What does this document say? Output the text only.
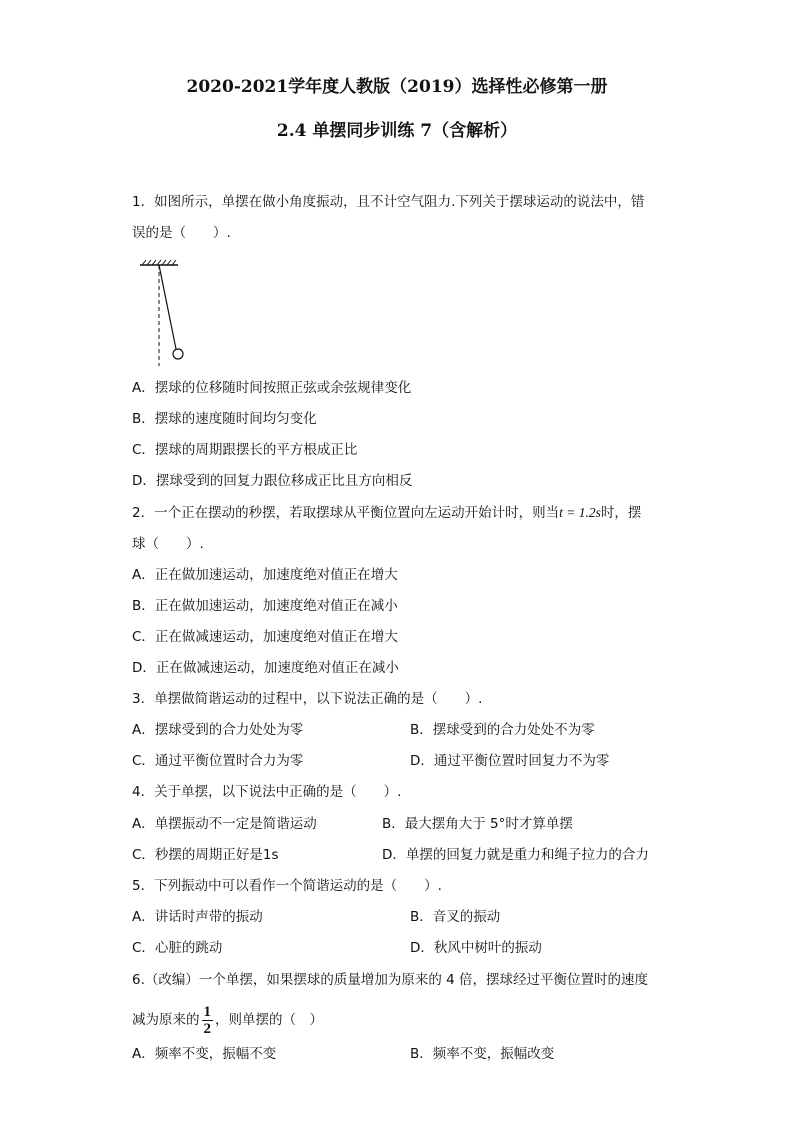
2020-2021学年度人教版（2019）选择性必修第一册
2.4 单摆同步训练 7（含解析）
1．如图所示，单摆在做小角度振动，且不计空气阻力.下列关于摆球运动的说法中，错
误的是（　　）.
A．摆球的位移随时间按照正弦或余弦规律变化
B．摆球的速度随时间均匀变化
C．摆球的周期跟摆长的平方根成正比
D．摆球受到的回复力跟位移成正比且方向相反
2．一个正在摆动的秒摆，若取摆球从平衡位置向左运动开始计时，则当t = 1.2s时，摆
球（　　）.
A．正在做加速运动，加速度绝对值正在增大
B．正在做加速运动，加速度绝对值正在减小
C．正在做减速运动，加速度绝对值正在增大
D．正在做减速运动，加速度绝对值正在减小
3．单摆做简谐运动的过程中，以下说法正确的是（　　）.
A．摆球受到的合力处处为零	B．摆球受到的合力处处不为零
C．通过平衡位置时合力为零	D．通过平衡位置时回复力不为零
4．关于单摆，以下说法中正确的是（　　）.
A．单摆振动不一定是简谐运动	B．最大摆角大于 5°时才算单摆
C．秒摆的周期正好是1s	D．单摆的回复力就是重力和绳子拉力的合力
5．下列振动中可以看作一个简谐运动的是（　　）.
A．讲话时声带的振动	B．音叉的振动
C．心脏的跳动	D．秋风中树叶的振动
6.（改编）一个单摆，如果摆球的质量增加为原来的 4 倍，摆球经过平衡位置时的速度
减为原来的 $\frac{1}{2}$ ，则单摆的（　）
A．频率不变，振幅不变	B．频率不变，振幅改变
